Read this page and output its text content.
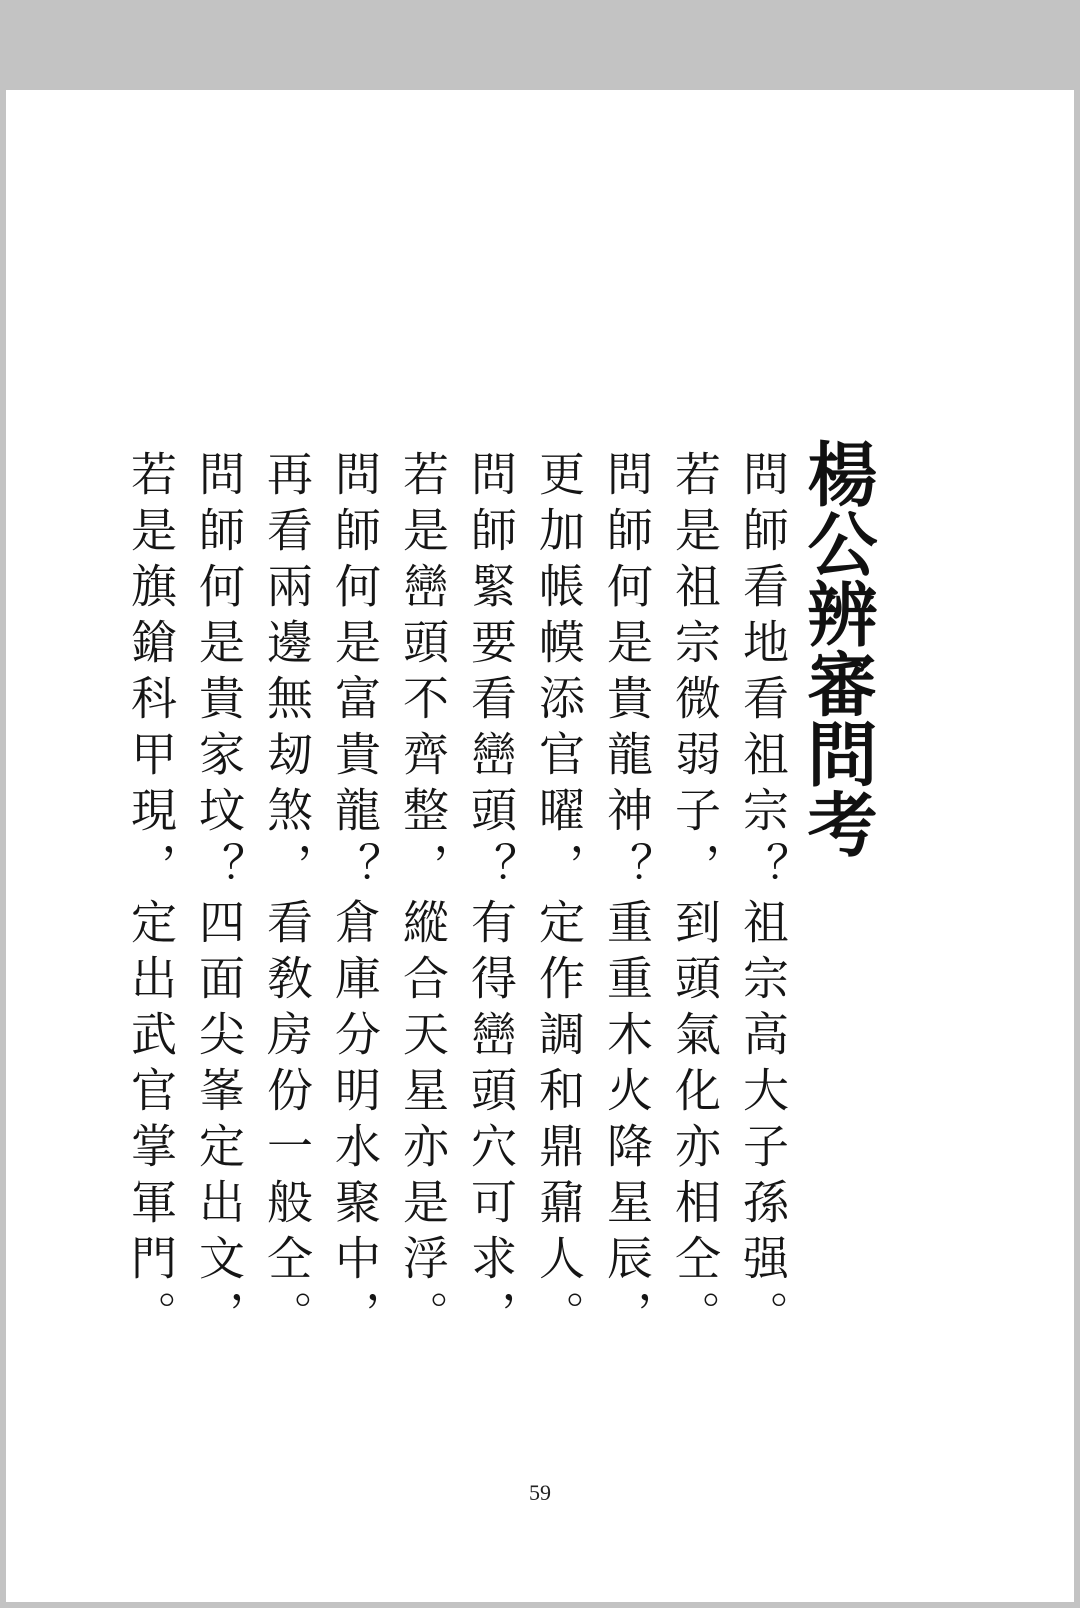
楊公辨審問考
問師看地看祖宗？祖宗高大子孫强。
若是祖宗微弱子，到頭氣化亦相仝。
問師何是貴龍神？重重木火降星辰，
更加帳幙添官曜，定作調和鼎鼐人。
問師緊要看巒頭？有得巒頭穴可求，
若是巒頭不齊整，縱合天星亦是浮。
問師何是富貴龍？倉庫分明水聚中，
再看兩邊無刼煞，看敎房份一般仝。
問師何是貴家坟？四面尖峯定出文，
若是旗鎗科甲現，定出武官掌軍門。
59
